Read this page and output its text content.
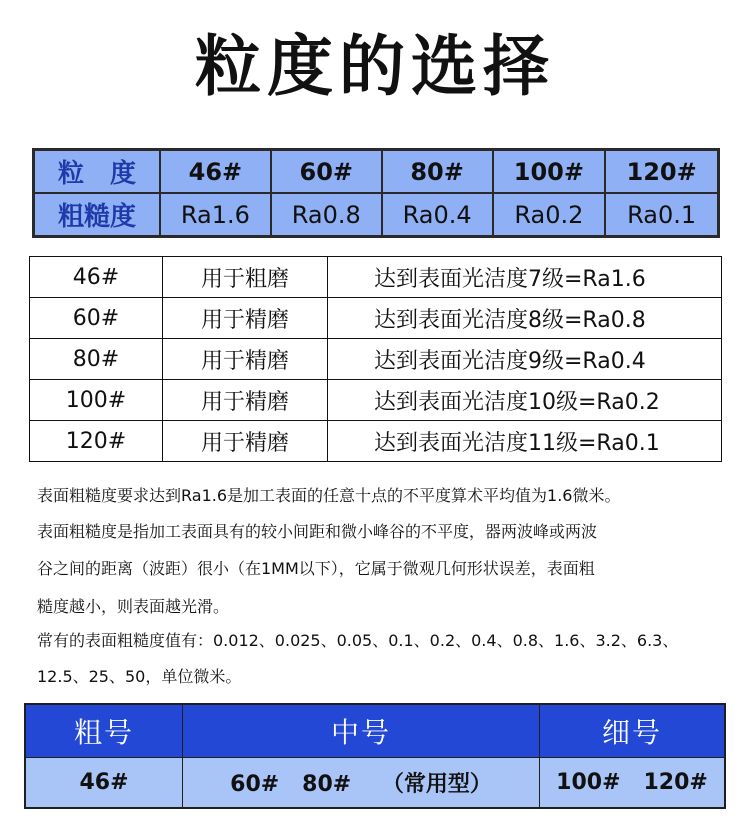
粒度的选择
粒　度	46#	60#	80#	100#	120#
粗糙度	Ra1.6	Ra0.8	Ra0.4	Ra0.2	Ra0.1
46#	用于粗磨	达到表面光洁度7级=Ra1.6
60#	用于精磨	达到表面光洁度8级=Ra0.8
80#	用于精磨	达到表面光洁度9级=Ra0.4
100#	用于精磨	达到表面光洁度10级=Ra0.2
120#	用于精磨	达到表面光洁度11级=Ra0.1
表面粗糙度要求达到Ra1.6是加工表面的任意十点的不平度算术平均值为1.6微米。
表面粗糙度是指加工表面具有的较小间距和微小峰谷的不平度，器两波峰或两波
谷之间的距离（波距）很小（在1MM以下），它属于微观几何形状误差，表面粗
糙度越小，则表面越光滑。
常有的表面粗糙度值有：0.012、0.025、0.05、0.1、0.2、0.4、0.8、1.6、3.2、6.3、
12.5、25、50，单位微米。
粗号	中号	细号
46#	60#   80#    （常用型）	100#   120#
